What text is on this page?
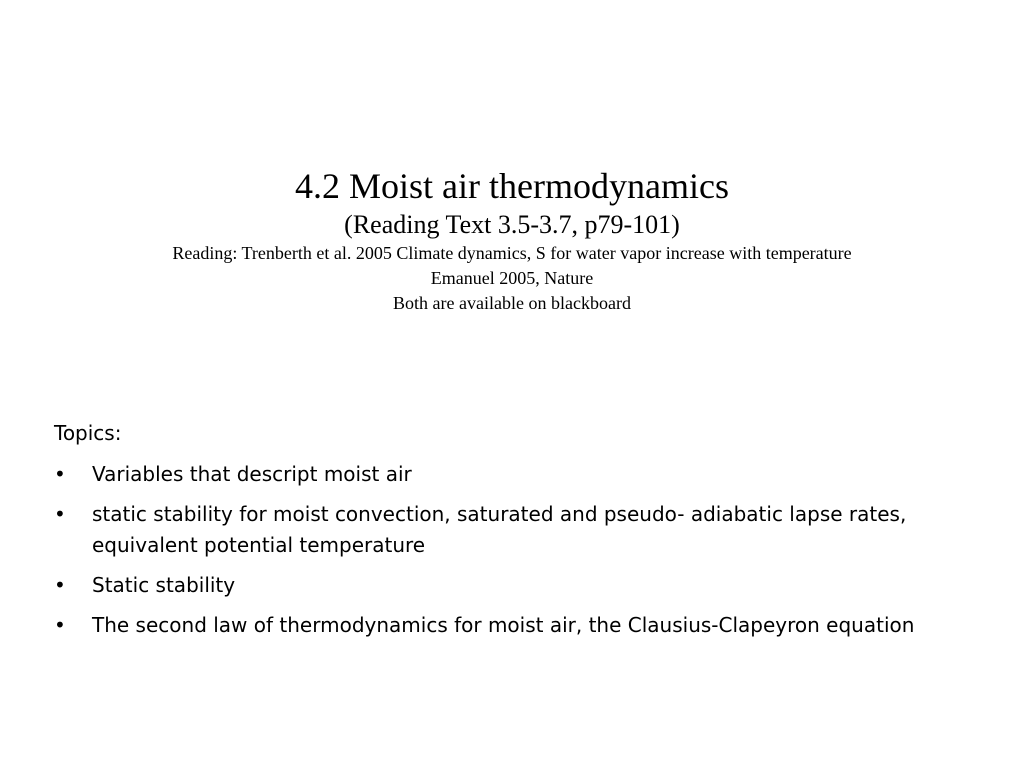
4.2 Moist air thermodynamics
(Reading Text 3.5-3.7, p79-101)
Reading: Trenberth et al. 2005 Climate dynamics, S for water vapor increase with temperature
Emanuel 2005, Nature
Both are available on blackboard
Topics:
• Variables that descript moist air
• static stability for moist convection, saturated and pseudo- adiabatic lapse rates, equivalent potential temperature
• Static stability
• The second law of thermodynamics for moist air, the Clausius-Clapeyron equation
